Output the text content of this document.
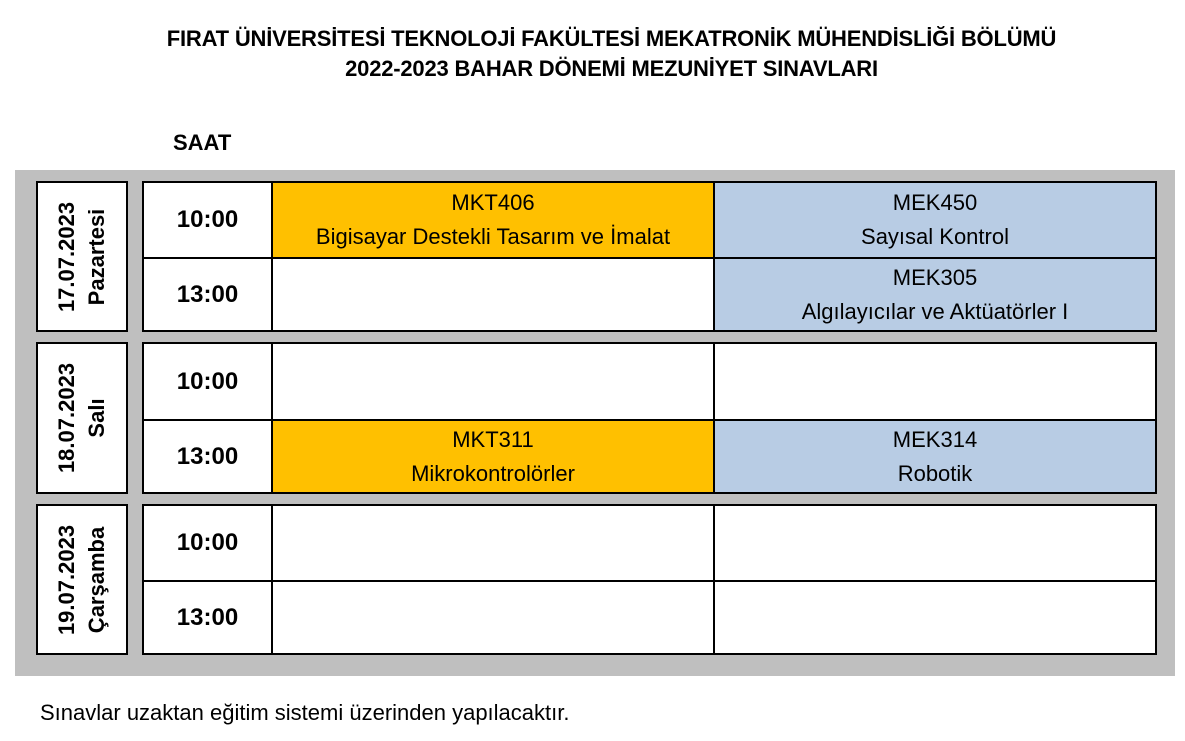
FIRAT ÜNİVERSİTESİ TEKNOLOJİ FAKÜLTESİ MEKATRONİK MÜHENDİSLİĞİ BÖLÜMÜ
2022-2023 BAHAR DÖNEMİ MEZUNİYET SINAVLARI
SAAT
17.07.2023 Pazartesi	10:00
MKT406
Bigisayar Destekli Tasarım ve İmalat
MEK450
Sayısal Kontrol
13:00
MEK305
Algılayıcılar ve Aktüatörler I
18.07.2023 Salı
10:00
13:00
MKT311
Mikrokontrolörler
MEK314
Robotik
19.07.2023 Çarşamba	10:00
13:00
Sınavlar uzaktan eğitim sistemi üzerinden yapılacaktır.
